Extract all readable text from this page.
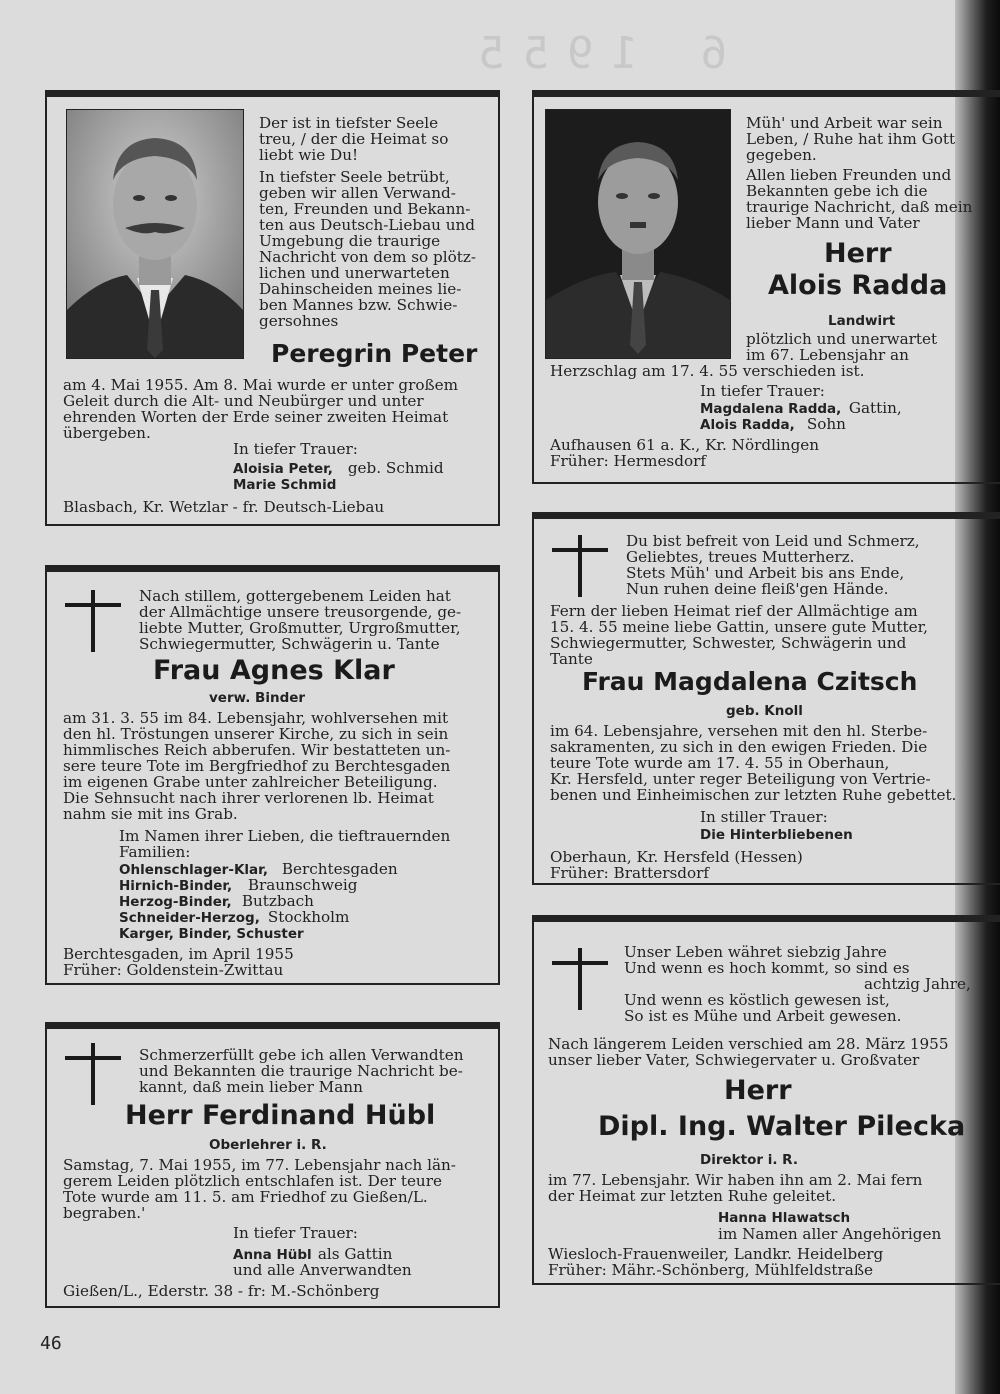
6 1955
Der ist in tiefster Seele
treu, / der die Heimat so
liebt wie Du!
In tiefster Seele betrübt,
geben wir allen Verwand-
ten, Freunden und Bekann-
ten aus Deutsch-Liebau und
Umgebung die traurige
Nachricht von dem so plötz-
lichen und unerwarteten
Dahinscheiden meines lie-
ben Mannes bzw. Schwie-
gersohnes
Peregrin Peter
am 4. Mai 1955. Am 8. Mai wurde er unter großem
Geleit durch die Alt- und Neubürger und unter
ehrenden Worten der Erde seiner zweiten Heimat
übergeben.
In tiefer Trauer:
Aloisia Peter, geb. Schmid
Marie Schmid
Blasbach, Kr. Wetzlar - fr. Deutsch-Liebau
Müh' und Arbeit war sein
Leben, / Ruhe hat ihm Gott
gegeben.
Allen lieben Freunden und
Bekannten gebe ich die
traurige Nachricht, daß mein
lieber Mann und Vater
Herr
Alois Radda
Landwirt
plötzlich und unerwartet
im 67. Lebensjahr an
Herzschlag am 17. 4. 55 verschieden ist.
In tiefer Trauer:
Magdalena Radda, Gattin,
Alois Radda, Sohn
Aufhausen 61 a. K., Kr. Nördlingen
Früher: Hermesdorf
Nach stillem, gottergebenem Leiden hat
der Allmächtige unsere treusorgende, ge-
liebte Mutter, Großmutter, Urgroßmutter,
Schwiegermutter, Schwägerin u. Tante
Frau Agnes Klar
verw. Binder
am 31. 3. 55 im 84. Lebensjahr, wohlversehen mit
den hl. Tröstungen unserer Kirche, zu sich in sein
himmlisches Reich abberufen. Wir bestatteten un-
sere teure Tote im Bergfriedhof zu Berchtesgaden
im eigenen Grabe unter zahlreicher Beteiligung.
Die Sehnsucht nach ihrer verlorenen lb. Heimat
nahm sie mit ins Grab.
Im Namen ihrer Lieben, die tieftrauernden
Familien:
Ohlenschlager-Klar, Berchtesgaden
Hirnich-Binder, Braunschweig
Herzog-Binder, Butzbach
Schneider-Herzog, Stockholm
Karger, Binder, Schuster
Berchtesgaden, im April 1955
Früher: Goldenstein-Zwittau
Du bist befreit von Leid und Schmerz,
Geliebtes, treues Mutterherz.
Stets Müh' und Arbeit bis ans Ende,
Nun ruhen deine fleiß'gen Hände.
Fern der lieben Heimat rief der Allmächtige am
15. 4. 55 meine liebe Gattin, unsere gute Mutter,
Schwiegermutter, Schwester, Schwägerin und
Tante
Frau Magdalena Czitsch
geb. Knoll
im 64. Lebensjahre, versehen mit den hl. Sterbe-
sakramenten, zu sich in den ewigen Frieden. Die
teure Tote wurde am 17. 4. 55 in Oberhaun,
Kr. Hersfeld, unter reger Beteiligung von Vertrie-
benen und Einheimischen zur letzten Ruhe gebettet.
In stiller Trauer:
Die Hinterbliebenen
Oberhaun, Kr. Hersfeld (Hessen)
Früher: Brattersdorf
Schmerzerfüllt gebe ich allen Verwandten
und Bekannten die traurige Nachricht be-
kannt, daß mein lieber Mann
Herr Ferdinand Hübl
Oberlehrer i. R.
Samstag, 7. Mai 1955, im 77. Lebensjahr nach län-
gerem Leiden plötzlich entschlafen ist. Der teure
Tote wurde am 11. 5. am Friedhof zu Gießen/L.
begraben.'
In tiefer Trauer:
Anna Hübl als Gattin
und alle Anverwandten
Gießen/L., Ederstr. 38 - fr: M.-Schönberg
Unser Leben währet siebzig Jahre
Und wenn es hoch kommt, so sind es
achtzig Jahre,
Und wenn es köstlich gewesen ist,
So ist es Mühe und Arbeit gewesen.
Nach längerem Leiden verschied am 28. März 1955
unser lieber Vater, Schwiegervater u. Großvater
Herr
Dipl. Ing. Walter Pilecka
Direktor i. R.
im 77. Lebensjahr. Wir haben ihn am 2. Mai fern
der Heimat zur letzten Ruhe geleitet.
Hanna Hlawatsch
im Namen aller Angehörigen
Wiesloch-Frauenweiler, Landkr. Heidelberg
Früher: Mähr.-Schönberg, Mühlfeldstraße
46
